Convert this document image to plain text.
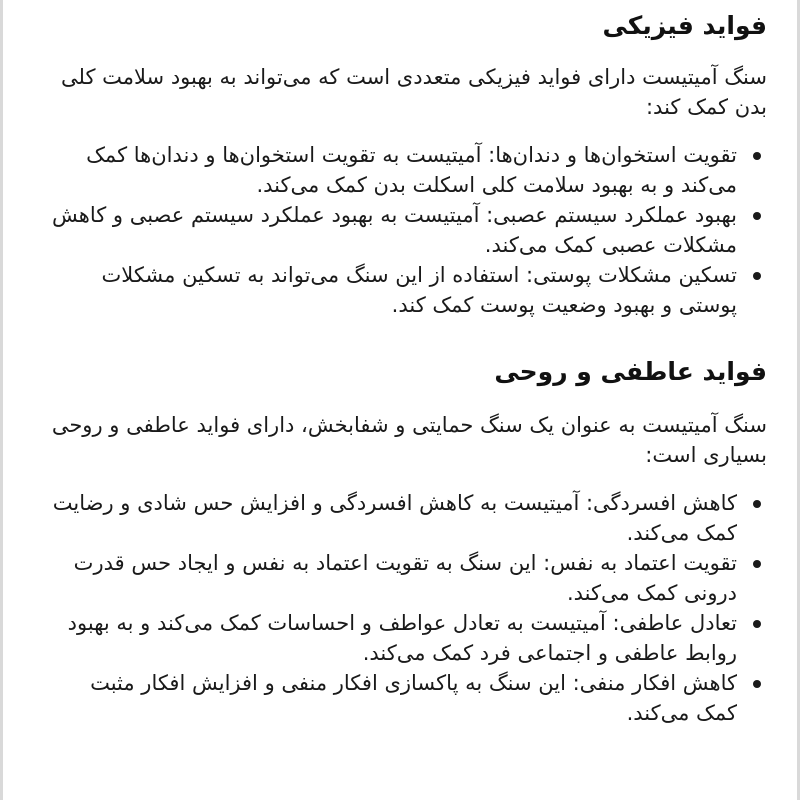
فواید فیزیکی

سنگ آمیتیست دارای فواید فیزیکی متعددی است که می‌تواند به بهبود سلامت کلی بدن کمک کند:

تقویت استخوان‌ها و دندان‌ها: آمیتیست به تقویت استخوان‌ها و دندان‌ها کمک می‌کند و به بهبود سلامت کلی اسکلت بدن کمک می‌کند.
بهبود عملکرد سیستم عصبی: آمیتیست به بهبود عملکرد سیستم عصبی و کاهش مشکلات عصبی کمک می‌کند.
تسکین مشکلات پوستی: استفاده از این سنگ می‌تواند به تسکین مشکلات پوستی و بهبود وضعیت پوست کمک کند.
فواید عاطفی و روحی

سنگ آمیتیست به عنوان یک سنگ حمایتی و شفابخش، دارای فواید عاطفی و روحی بسیاری است:

کاهش افسردگی: آمیتیست به کاهش افسردگی و افزایش حس شادی و رضایت کمک می‌کند.
تقویت اعتماد به نفس: این سنگ به تقویت اعتماد به نفس و ایجاد حس قدرت درونی کمک می‌کند.
تعادل عاطفی: آمیتیست به تعادل عواطف و احساسات کمک می‌کند و به بهبود روابط عاطفی و اجتماعی فرد کمک می‌کند.
کاهش افکار منفی: این سنگ به پاکسازی افکار منفی و افزایش افکار مثبت کمک می‌کند.
